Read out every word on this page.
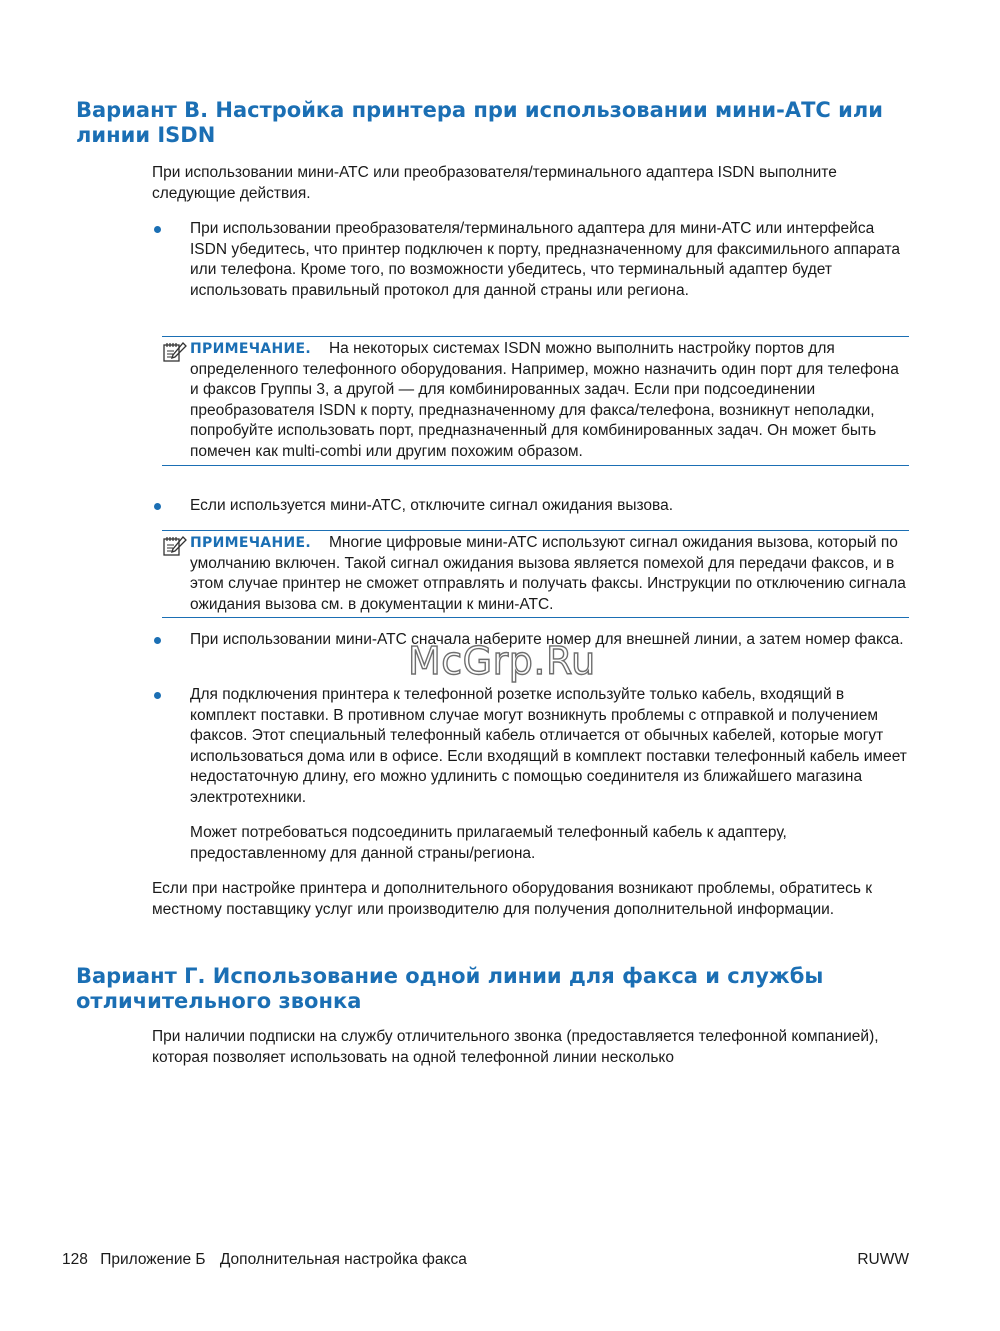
Вариант В. Настройка принтера при использовании мини-АТС или линии ISDN

При использовании мини-АТС или преобразователя/терминального адаптера ISDN выполните следующие действия.

При использовании преобразователя/терминального адаптера для мини-АТС или интерфейса ISDN убедитесь, что принтер подключен к порту, предназначенному для факсимильного аппарата или телефона. Кроме того, по возможности убедитесь, что терминальный адаптер будет использовать правильный протокол для данной страны или региона.

ПРИМЕЧАНИЕ. На некоторых системах ISDN можно выполнить настройку портов для определенного телефонного оборудования. Например, можно назначить один порт для телефона и факсов Группы 3, а другой — для комбинированных задач. Если при подсоединении преобразователя ISDN к порту, предназначенному для факса/телефона, возникнут неполадки, попробуйте использовать порт, предназначенный для комбинированных задач. Он может быть помечен как multi-combi или другим похожим образом.

Если используется мини-АТС, отключите сигнал ожидания вызова.

ПРИМЕЧАНИЕ. Многие цифровые мини-АТС используют сигнал ожидания вызова, который по умолчанию включен. Такой сигнал ожидания вызова является помехой для передачи факсов, и в этом случае принтер не сможет отправлять и получать факсы. Инструкции по отключению сигнала ожидания вызова см. в документации к мини-АТС.

При использовании мини-АТС сначала наберите номер для внешней линии, а затем номер факса.

Для подключения принтера к телефонной розетке используйте только кабель, входящий в комплект поставки. В противном случае могут возникнуть проблемы с отправкой и получением факсов. Этот специальный телефонный кабель отличается от обычных кабелей, которые могут использоваться дома или в офисе. Если входящий в комплект поставки телефонный кабель имеет недостаточную длину, его можно удлинить с помощью соединителя из ближайшего магазина электротехники.

Может потребоваться подсоединить прилагаемый телефонный кабель к адаптеру, предоставленному для данной страны/региона.

Если при настройке принтера и дополнительного оборудования возникают проблемы, обратитесь к местному поставщику услуг или производителю для получения дополнительной информации.

Вариант Г. Использование одной линии для факса и службы отличительного звонка

При наличии подписки на службу отличительного звонка (предоставляется телефонной компанией), которая позволяет использовать на одной телефонной линии несколько

McGrp.Ru
128 Приложение Б Дополнительная настройка факса	RUWW
